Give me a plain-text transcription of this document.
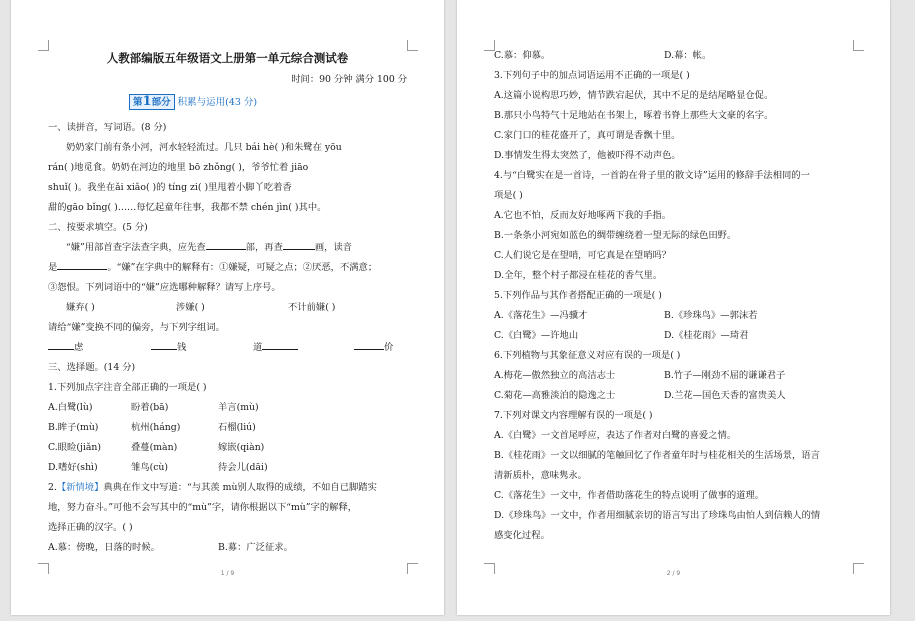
人教部编版五年级语文上册第一单元综合测试卷
时间：90 分钟 满分 100 分
第1部分 积累与运用(43 分)
一、读拼音，写词语。(8 分)
奶奶家门前有条小河，河水轻轻流过。几只 bái hè( )和朱鹭在 yōu
rán( )地觅食。奶奶在河边的地里 bō zhǒng( )，爷爷忙着 jiāo
shuǐ( )。我坐在ǎi xiǎo( )的 tíng zi( )里甩着小脚丫吃着香
甜的gāo bǐng( )……每忆起童年往事，我都不禁 chén jìn( )其中。
二、按要求填空。(5 分)
“嫌”用部首查字法查字典，应先查	部，再查	画，读音
是	。“嫌”在字典中的解释有：①嫌疑，可疑之点；②厌恶，不满意；
③怨恨。下列词语中的“嫌”应选哪种解释？请写上序号。
嫌弃( )	涉嫌( )	不计前嫌( )
请给“嫌”变换不同的偏旁，与下列字组词。
虑	钱	道	价
三、选择题。(14 分)
1.下列加点字注音全部正确的一项是( )
A.白鹭(lù)	盼着(bā)	羊言(mù)
B.眸子(mù)	杭州(háng)	石榴(liú)
C.眼睑(jiǎn)	叠蔓(màn)	嫁嵌(qiàn)
D.嗜好(shì)	雏鸟(cù)	待会儿(dāi)
2.【新情境】典典在作文中写道：“与其羡 mù别人取得的成绩，不如自已脚踏实
地，努力奋斗。”可他不会写其中的“mù”字，请你根据以下“mù”字的解释，
选择正确的汉字。( )
A.慕：傍晚，日落的时候。	B.募：广泛征求。
1 / 9
C.慕：仰慕。	D.幕：帐。
3.下列句子中的加点词语运用不正确的一项是( )
A.这篇小说构思巧妙，情节跌宕起伏，其中不足的是结尾略显仓促。
B.那只小鸟特气十足地站在书架上，啄着书脊上那些大文豪的名字。
C.家门口的桂花盛开了，真可谓是香飘十里。
D.事情发生得太突然了，他被吓得不动声色。
4.与“白鹭实在是一首诗，一首韵在骨子里的散文诗”运用的修辞手法相同的一
项是( )
A.它也不怕，反而友好地啄两下我的手指。
B.一条条小河宛如蓝色的绸带缠绕着一望无际的绿色田野。
C.人们说它是在望哨，可它真是在望哨吗？
D.全年，整个村子都浸在桂花的香气里。
5.下列作品与其作者搭配正确的一项是( )
A.《落花生》—冯骥才	B.《珍珠鸟》—郭沫若
C.《白鹭》—许地山	D.《桂花雨》—琦君
6.下列植物与其象征意义对应有误的一项是( )
A.梅花—傲然独立的高洁志士	B.竹子—刚劲不屈的谦谦君子
C.菊花—高雅淡泊的隐逸之士	D.兰花—国色天香的富贵美人
7.下列对课文内容理解有误的一项是( )
A.《白鹭》一文首尾呼应，表达了作者对白鹭的喜爱之情。
B.《桂花雨》一文以细腻的笔触回忆了作者童年时与桂花相关的生活场景，语言
清新质朴，意味隽永。
C.《落花生》一文中，作者借助落花生的特点说明了做事的道理。
D.《珍珠鸟》一文中，作者用细腻亲切的语言写出了珍珠鸟由怕人到信赖人的情
感变化过程。
2 / 9
